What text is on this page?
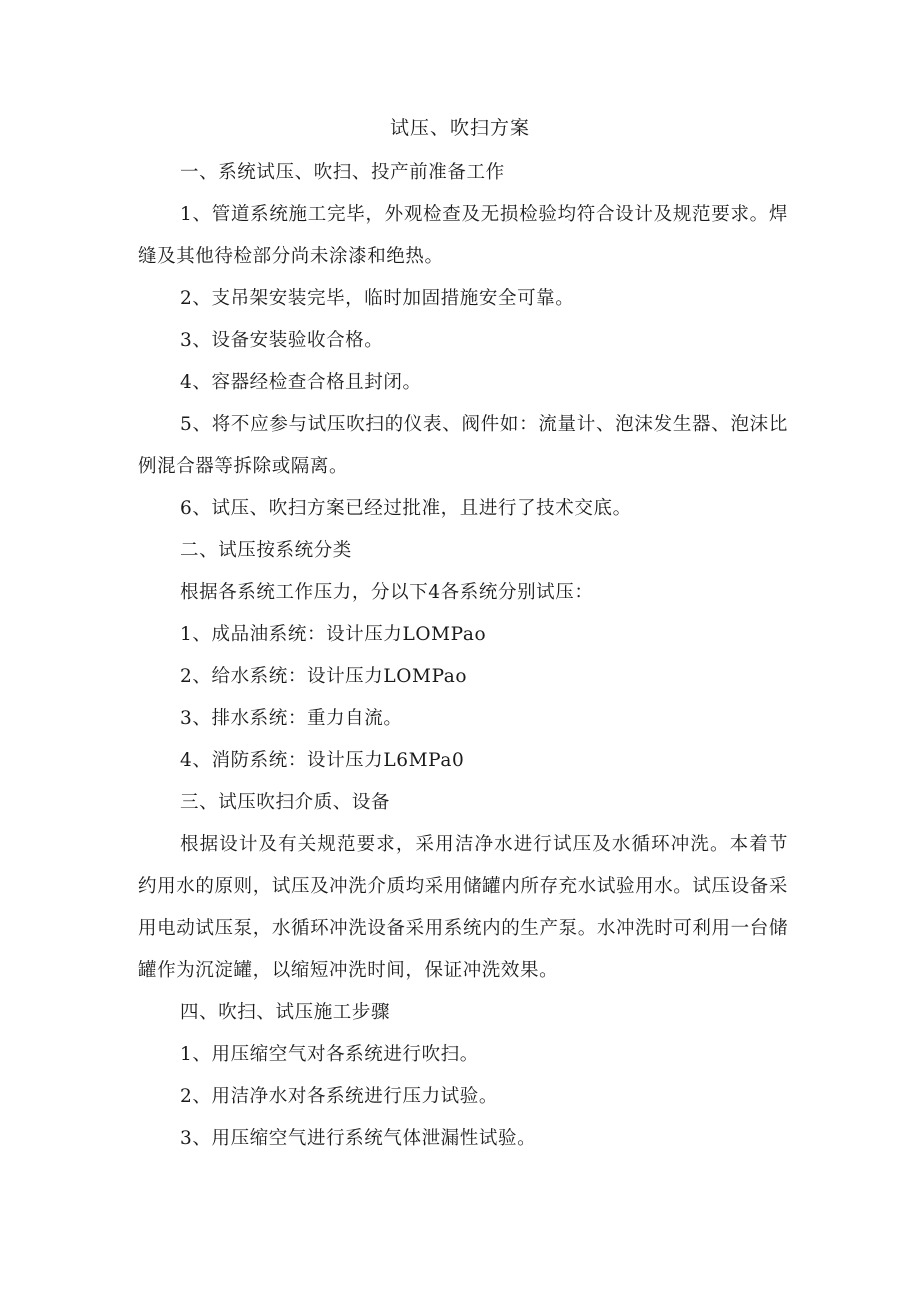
试压、吹扫方案
一、系统试压、吹扫、投产前准备工作
1、管道系统施工完毕，外观检查及无损检验均符合设计及规范要求。焊缝及其他待检部分尚未涂漆和绝热。
2、支吊架安装完毕，临时加固措施安全可靠。
3、设备安装验收合格。
4、容器经检查合格且封闭。
5、将不应参与试压吹扫的仪表、阀件如：流量计、泡沫发生器、泡沫比例混合器等拆除或隔离。
6、试压、吹扫方案已经过批准，且进行了技术交底。
二、试压按系统分类
根据各系统工作压力，分以下4各系统分别试压：
1、成品油系统：设计压力LOMPao
2、给水系统：设计压力LOMPao
3、排水系统：重力自流。
4、消防系统：设计压力L6MPa0
三、试压吹扫介质、设备
根据设计及有关规范要求，采用洁净水进行试压及水循环冲洗。本着节约用水的原则，试压及冲洗介质均采用储罐内所存充水试验用水。试压设备采用电动试压泵，水循环冲洗设备采用系统内的生产泵。水冲洗时可利用一台储罐作为沉淀罐，以缩短冲洗时间，保证冲洗效果。
四、吹扫、试压施工步骤
1、用压缩空气对各系统进行吹扫。
2、用洁净水对各系统进行压力试验。
3、用压缩空气进行系统气体泄漏性试验。
